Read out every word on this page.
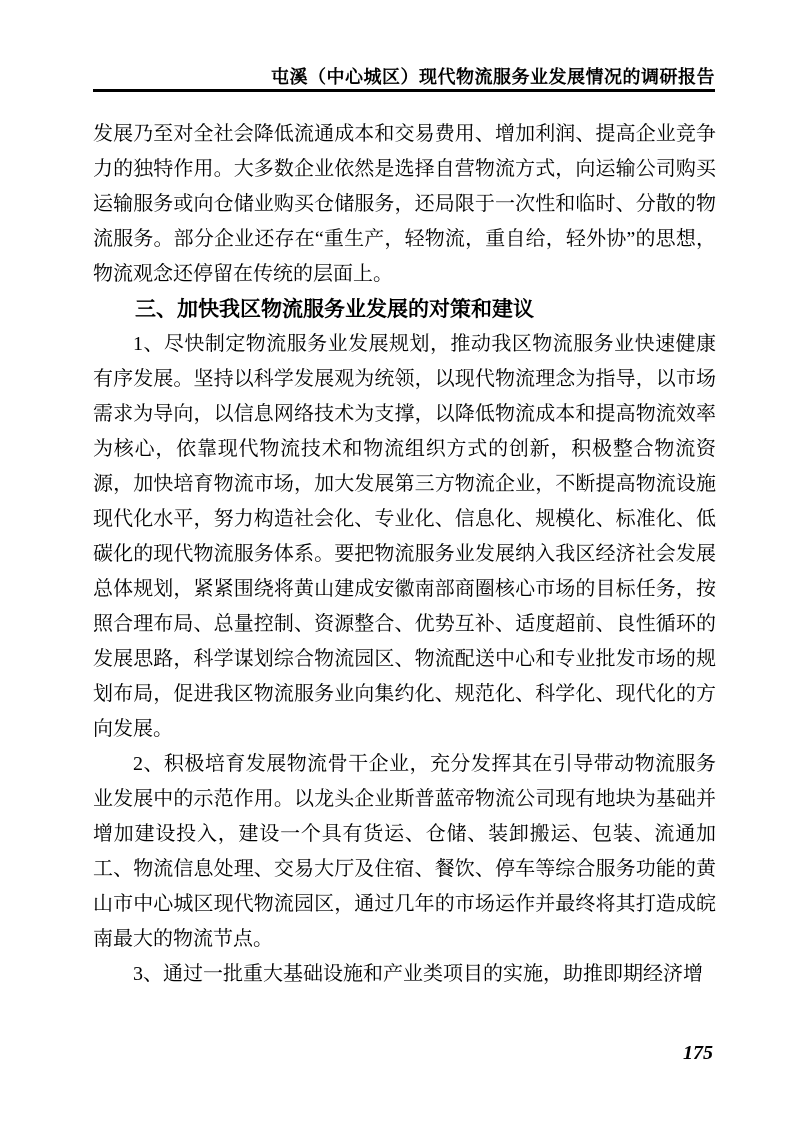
屯溪（中心城区）现代物流服务业发展情况的调研报告

发展乃至对全社会降低流通成本和交易费用、增加利润、提高企业竞争力的独特作用。大多数企业依然是选择自营物流方式，向运输公司购买运输服务或向仓储业购买仓储服务，还局限于一次性和临时、分散的物流服务。部分企业还存在“重生产，轻物流，重自给，轻外协”的思想，物流观念还停留在传统的层面上。

三、加快我区物流服务业发展的对策和建议

1、尽快制定物流服务业发展规划，推动我区物流服务业快速健康有序发展。坚持以科学发展观为统领，以现代物流理念为指导，以市场需求为导向，以信息网络技术为支撑，以降低物流成本和提高物流效率为核心，依靠现代物流技术和物流组织方式的创新，积极整合物流资源，加快培育物流市场，加大发展第三方物流企业，不断提高物流设施现代化水平，努力构造社会化、专业化、信息化、规模化、标准化、低碳化的现代物流服务体系。要把物流服务业发展纳入我区经济社会发展总体规划，紧紧围绕将黄山建成安徽南部商圈核心市场的目标任务，按照合理布局、总量控制、资源整合、优势互补、适度超前、良性循环的发展思路，科学谋划综合物流园区、物流配送中心和专业批发市场的规划布局，促进我区物流服务业向集约化、规范化、科学化、现代化的方向发展。

2、积极培育发展物流骨干企业，充分发挥其在引导带动物流服务业发展中的示范作用。以龙头企业斯普蓝帝物流公司现有地块为基础并增加建设投入，建设一个具有货运、仓储、装卸搬运、包装、流通加工、物流信息处理、交易大厅及住宿、餐饮、停车等综合服务功能的黄山市中心城区现代物流园区，通过几年的市场运作并最终将其打造成皖南最大的物流节点。

3、通过一批重大基础设施和产业类项目的实施，助推即期经济增

175
